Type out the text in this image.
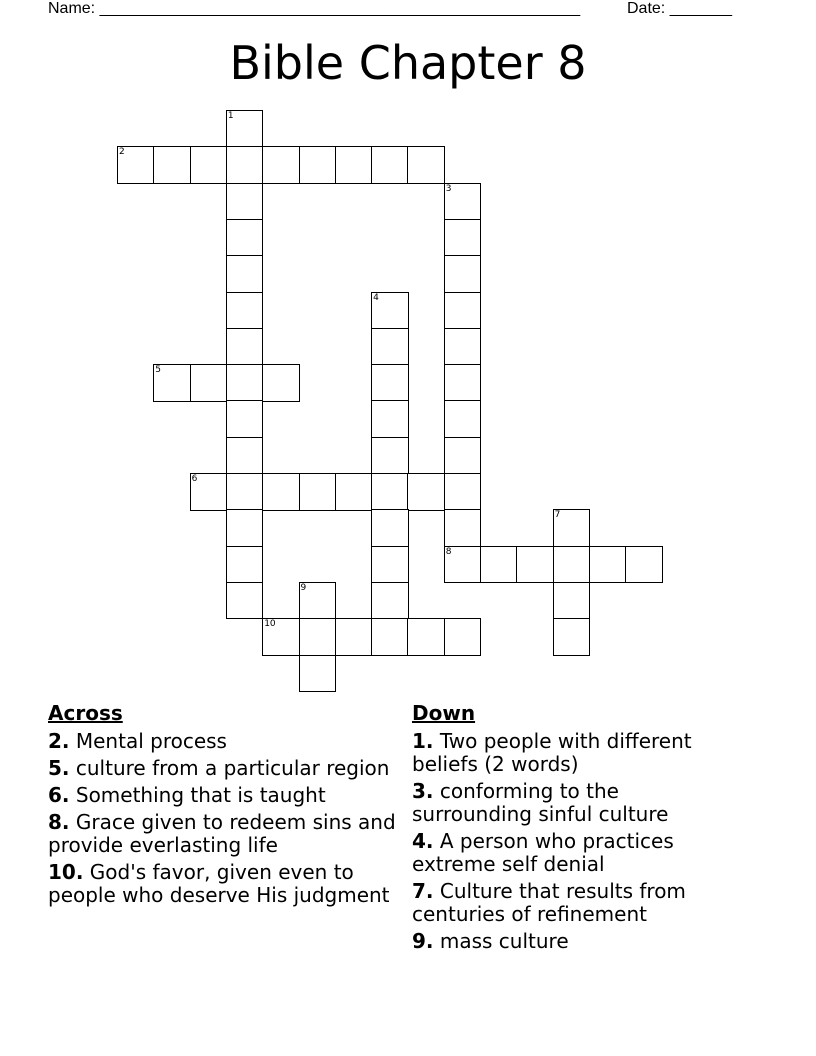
Name: ______________________________________________________	Date: _______
Bible Chapter 8
1
2
3
4
5
6
7
8
9
10
Across
2. Mental process
5. culture from a particular region
6. Something that is taught
8. Grace given to redeem sins and provide everlasting life
10. God's favor, given even to people who deserve His judgment
Down
1. Two people with different beliefs (2 words)
3. conforming to the surrounding sinful culture
4. A person who practices extreme self denial
7. Culture that results from centuries of refinement
9. mass culture
